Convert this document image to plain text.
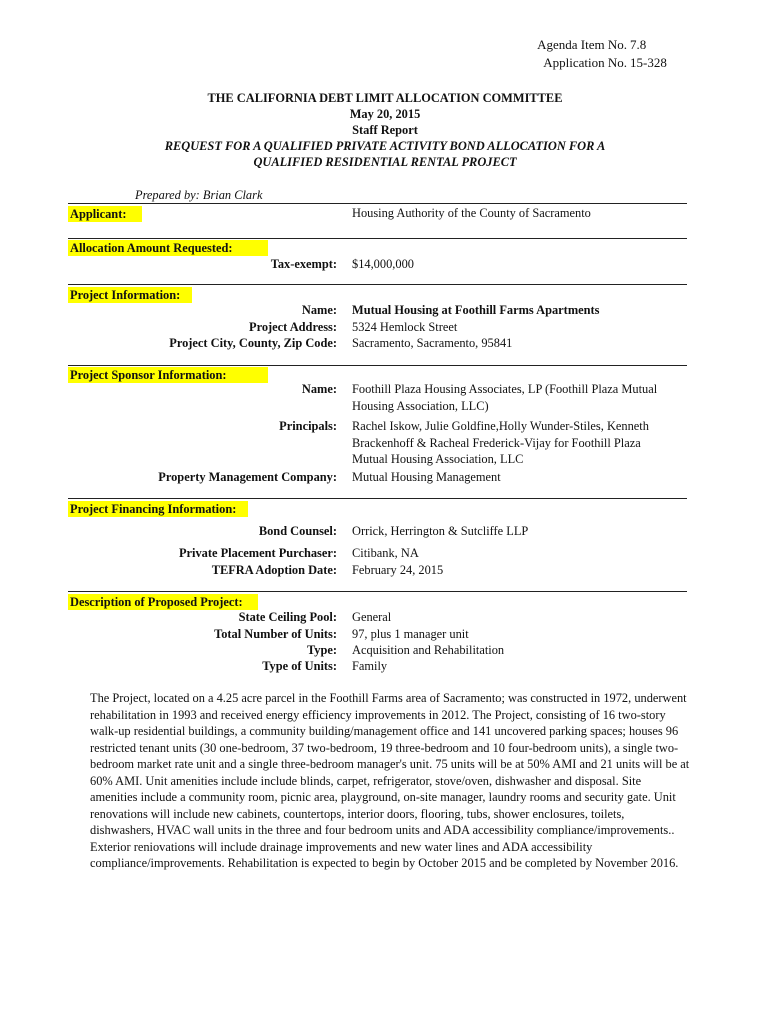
Agenda Item No. 7.8
Application No. 15-328
THE CALIFORNIA DEBT LIMIT ALLOCATION COMMITTEE
May 20, 2015
Staff Report
REQUEST FOR A QUALIFIED PRIVATE ACTIVITY BOND ALLOCATION FOR A
QUALIFIED RESIDENTIAL RENTAL PROJECT
Prepared by: Brian Clark
Applicant:	Housing Authority of the County of Sacramento
Allocation Amount Requested:
Tax-exempt: $14,000,000
Project Information:
Name: Mutual Housing at Foothill Farms Apartments
Project Address: 5324 Hemlock Street
Project City, County, Zip Code: Sacramento, Sacramento, 95841
Project Sponsor Information:
Name: Foothill Plaza Housing Associates, LP (Foothill Plaza Mutual
Housing Association, LLC)
Principals: Rachel Iskow, Julie Goldfine,Holly Wunder-Stiles, Kenneth
Brackenhoff & Racheal Frederick-Vijay for Foothill Plaza
Mutual Housing Association, LLC
Property Management Company: Mutual Housing Management
Project Financing Information:
Bond Counsel: Orrick, Herrington & Sutcliffe LLP
Private Placement Purchaser: Citibank, NA
TEFRA Adoption Date: February 24, 2015
Description of Proposed Project:
State Ceiling Pool: General
Total Number of Units: 97, plus 1 manager unit
Type: Acquisition and Rehabilitation
Type of Units: Family
The Project, located on a 4.25 acre parcel in the Foothill Farms area of Sacramento; was constructed in 1972, underwent rehabilitation in 1993 and received energy efficiency improvements in 2012. The Project, consisting of 16 two-story walk-up residential buildings, a community building/management office and 141 uncovered parking spaces; houses 96 restricted tenant units (30 one-bedroom, 37 two-bedroom, 19 three-bedroom and 10 four-bedroom units), a single two-bedroom market rate unit and a single three-bedroom manager's unit. 75 units will be at 50% AMI and 21 units will be at 60% AMI. Unit amenities include include blinds, carpet, refrigerator, stove/oven, dishwasher and disposal. Site amenities include a community room, picnic area, playground, on-site manager, laundry rooms and security gate. Unit renovations will include new cabinets, countertops, interior doors, flooring, tubs, shower enclosures, toilets, dishwashers, HVAC wall units in the three and four bedroom units and ADA accessibility compliance/improvements.. Exterior reniovations will include drainage improvements and new water lines and ADA accessibility compliance/improvements. Rehabilitation is expected to begin by October 2015 and be completed by November 2016.
